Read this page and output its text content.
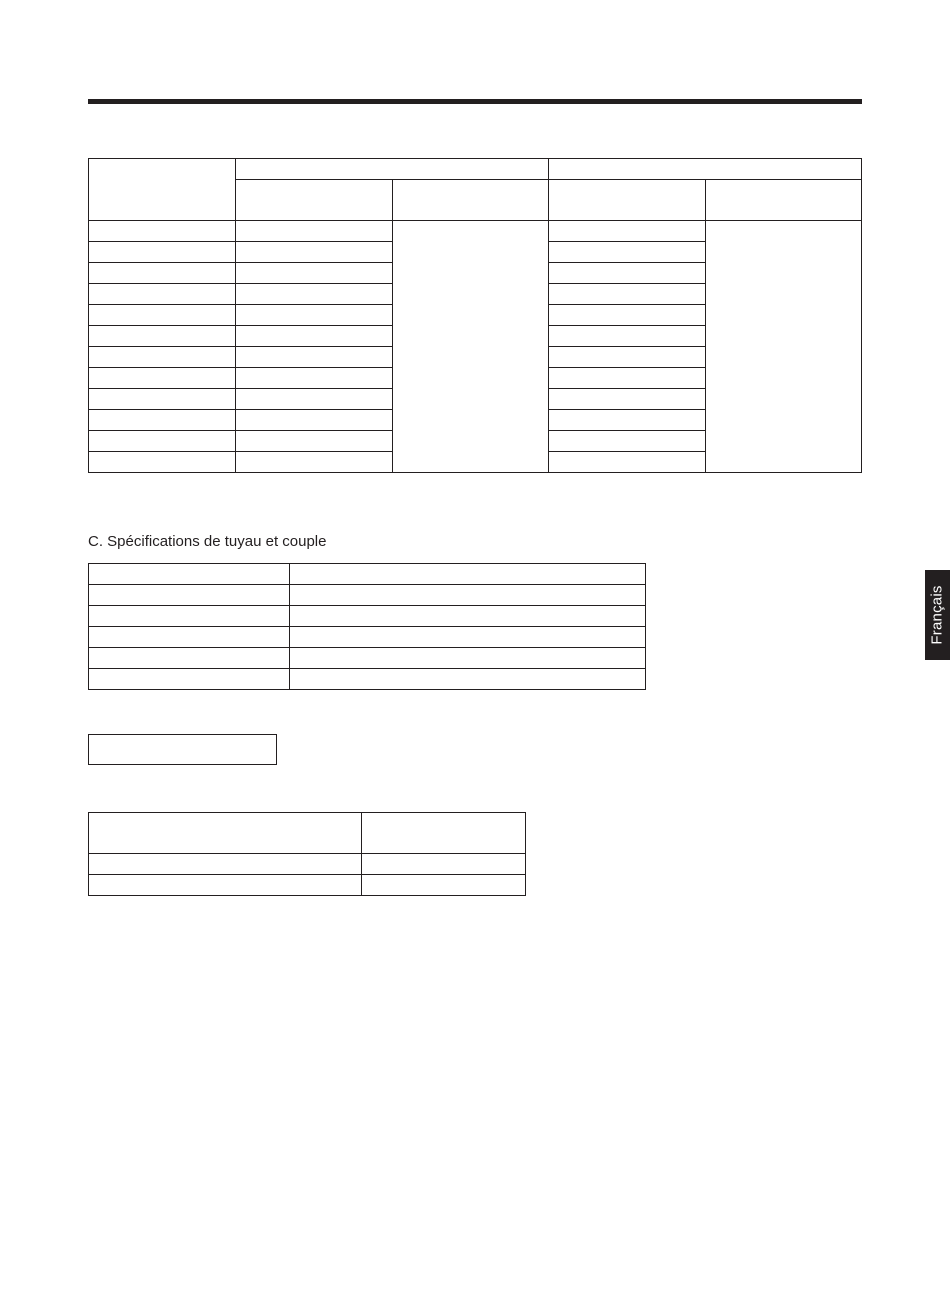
C. Spécifications de tuyau et couple

Français
